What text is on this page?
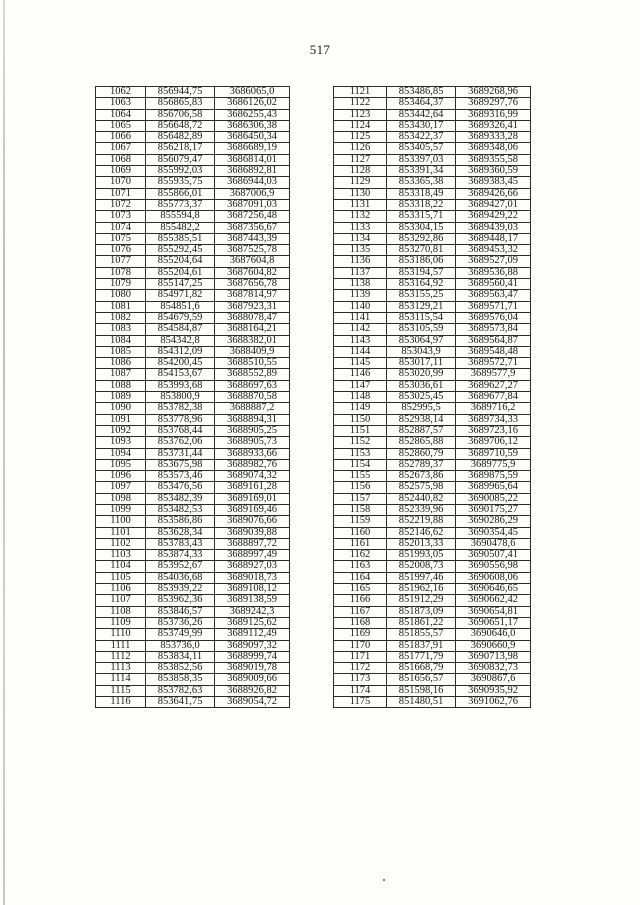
517
1062	856944,75	3686065,0
1063	856865,83	3686126,02
1064	856706,58	3686255,43
1065	856648,72	3686306,38
1066	856482,89	3686450,34
1067	856218,17	3686689,19
1068	856079,47	3686814,01
1069	855992,03	3686892,81
1070	855935,75	3686944,03
1071	855866,01	3687006,9
1072	855773,37	3687091,03
1073	855594,8	3687256,48
1074	855482,2	3687356,67
1075	855385,51	3687443,39
1076	855292,45	3687525,78
1077	855204,64	3687604,8
1078	855204,61	3687604,82
1079	855147,25	3687656,78
1080	854971,82	3687814,97
1081	854851,6	3687923,31
1082	854679,59	3688078,47
1083	854584,87	3688164,21
1084	854342,8	3688382,01
1085	854312,09	3688409,9
1086	854200,45	3688510,55
1087	854153,67	3688552,89
1088	853993,68	3688697,63
1089	853800,9	3688870,58
1090	853782,38	3688887,2
1091	853778,96	3688894,31
1092	853768,44	3688905,25
1093	853762,06	3688905,73
1094	853731,44	3688933,66
1095	853675,98	3688982,76
1096	853573,46	3689074,32
1097	853476,56	3689161,28
1098	853482,39	3689169,01
1099	853482,53	3689169,46
1100	853586,86	3689076,66
1101	853628,34	3689039,88
1102	853783,43	3688897,72
1103	853874,33	3688997,49
1104	853952,67	3688927,03
1105	854036,68	3689018,73
1106	853939,22	3689108,12
1107	853962,36	3689138,59
1108	853846,57	3689242,3
1109	853736,26	3689125,62
1110	853749,99	3689112,49
1111	853736,0	3689097,32
1112	853834,11	3688999,74
1113	853852,56	3689019,78
1114	853858,35	3689009,66
1115	853782,63	3688926,82
1116	853641,75	3689054,72
1121	853486,85	3689268,96
1122	853464,37	3689297,76
1123	853442,64	3689316,99
1124	853430,17	3689326,41
1125	853422,37	3689333,28
1126	853405,57	3689348,06
1127	853397,03	3689355,58
1128	853391,34	3689360,59
1129	853365,38	3689383,45
1130	853318,49	3689426,66
1131	853318,22	3689427,01
1132	853315,71	3689429,22
1133	853304,15	3689439,03
1134	853292,86	3689448,17
1135	853270,81	3689453,32
1136	853186,06	3689527,09
1137	853194,57	3689536,88
1138	853164,92	3689560,41
1139	853155,25	3689563,47
1140	853129,21	3689571,71
1141	853115,54	3689576,04
1142	853105,59	3689573,84
1143	853064,97	3689564,87
1144	853043,9	3689548,48
1145	853017,11	3689572,71
1146	853020,99	3689577,9
1147	853036,61	3689627,27
1148	853025,45	3689677,84
1149	852995,5	3689716,2
1150	852938,14	3689734,33
1151	852887,57	3689723,16
1152	852865,88	3689706,12
1153	852860,79	3689710,59
1154	852789,37	3689775,9
1155	852673,86	3689875,59
1156	852575,98	3689965,64
1157	852440,82	3690085,22
1158	852339,96	3690175,27
1159	852219,88	3690286,29
1160	852146,62	3690354,45
1161	852013,33	3690478,6
1162	851993,05	3690507,41
1163	852008,73	3690556,98
1164	851997,46	3690608,06
1165	851962,16	3690646,65
1166	851912,29	3690662,42
1167	851873,09	3690654,81
1168	851861,22	3690651,17
1169	851855,57	3690646,0
1170	851837,91	3690660,9
1171	851771,79	3690713,98
1172	851668,79	3690832,73
1173	851656,57	3690867,6
1174	851598,16	3690935,92
1175	851480,51	3691062,76
